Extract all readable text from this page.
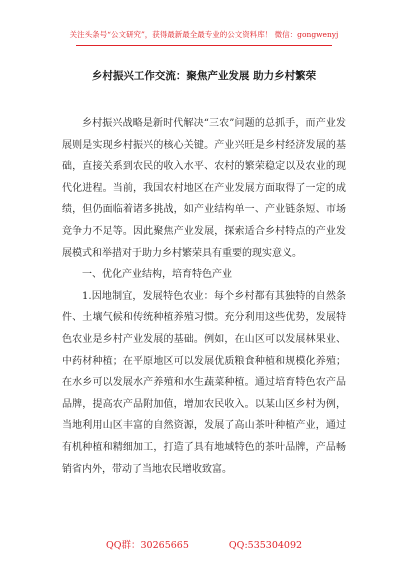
关注头条号“公文研究”，获得最新最全最专业的公文资料库！ 微信：gongwenyj
乡村振兴工作交流：聚焦产业发展 助力乡村繁荣

乡村振兴战略是新时代解决“三农”问题的总抓手，而产业发展则是实现乡村振兴的核心关键。产业兴旺是乡村经济发展的基础，直接关系到农民的收入水平、农村的繁荣稳定以及农业的现代化进程。当前，我国农村地区在产业发展方面取得了一定的成绩，但仍面临着诸多挑战，如产业结构单一、产业链条短、市场竞争力不足等。因此聚焦产业发展，探索适合乡村特点的产业发展模式和举措对于助力乡村繁荣具有重要的现实意义。

一、优化产业结构，培育特色产业

1.因地制宜，发展特色农业：每个乡村都有其独特的自然条件、土壤气候和传统种植养殖习惯。充分利用这些优势，发展特色农业是乡村产业发展的基础。例如，在山区可以发展林果业、中药材种植；在平原地区可以发展优质粮食种植和规模化养殖；在水乡可以发展水产养殖和水生蔬菜种植。通过培育特色农产品品牌，提高农产品附加值，增加农民收入。以某山区乡村为例，当地利用山区丰富的自然资源，发展了高山茶叶种植产业，通过有机种植和精细加工，打造了具有地域特色的茶叶品牌，产品畅销省内外，带动了当地农民增收致富。

QQ群：30265665	QQ:535304092
